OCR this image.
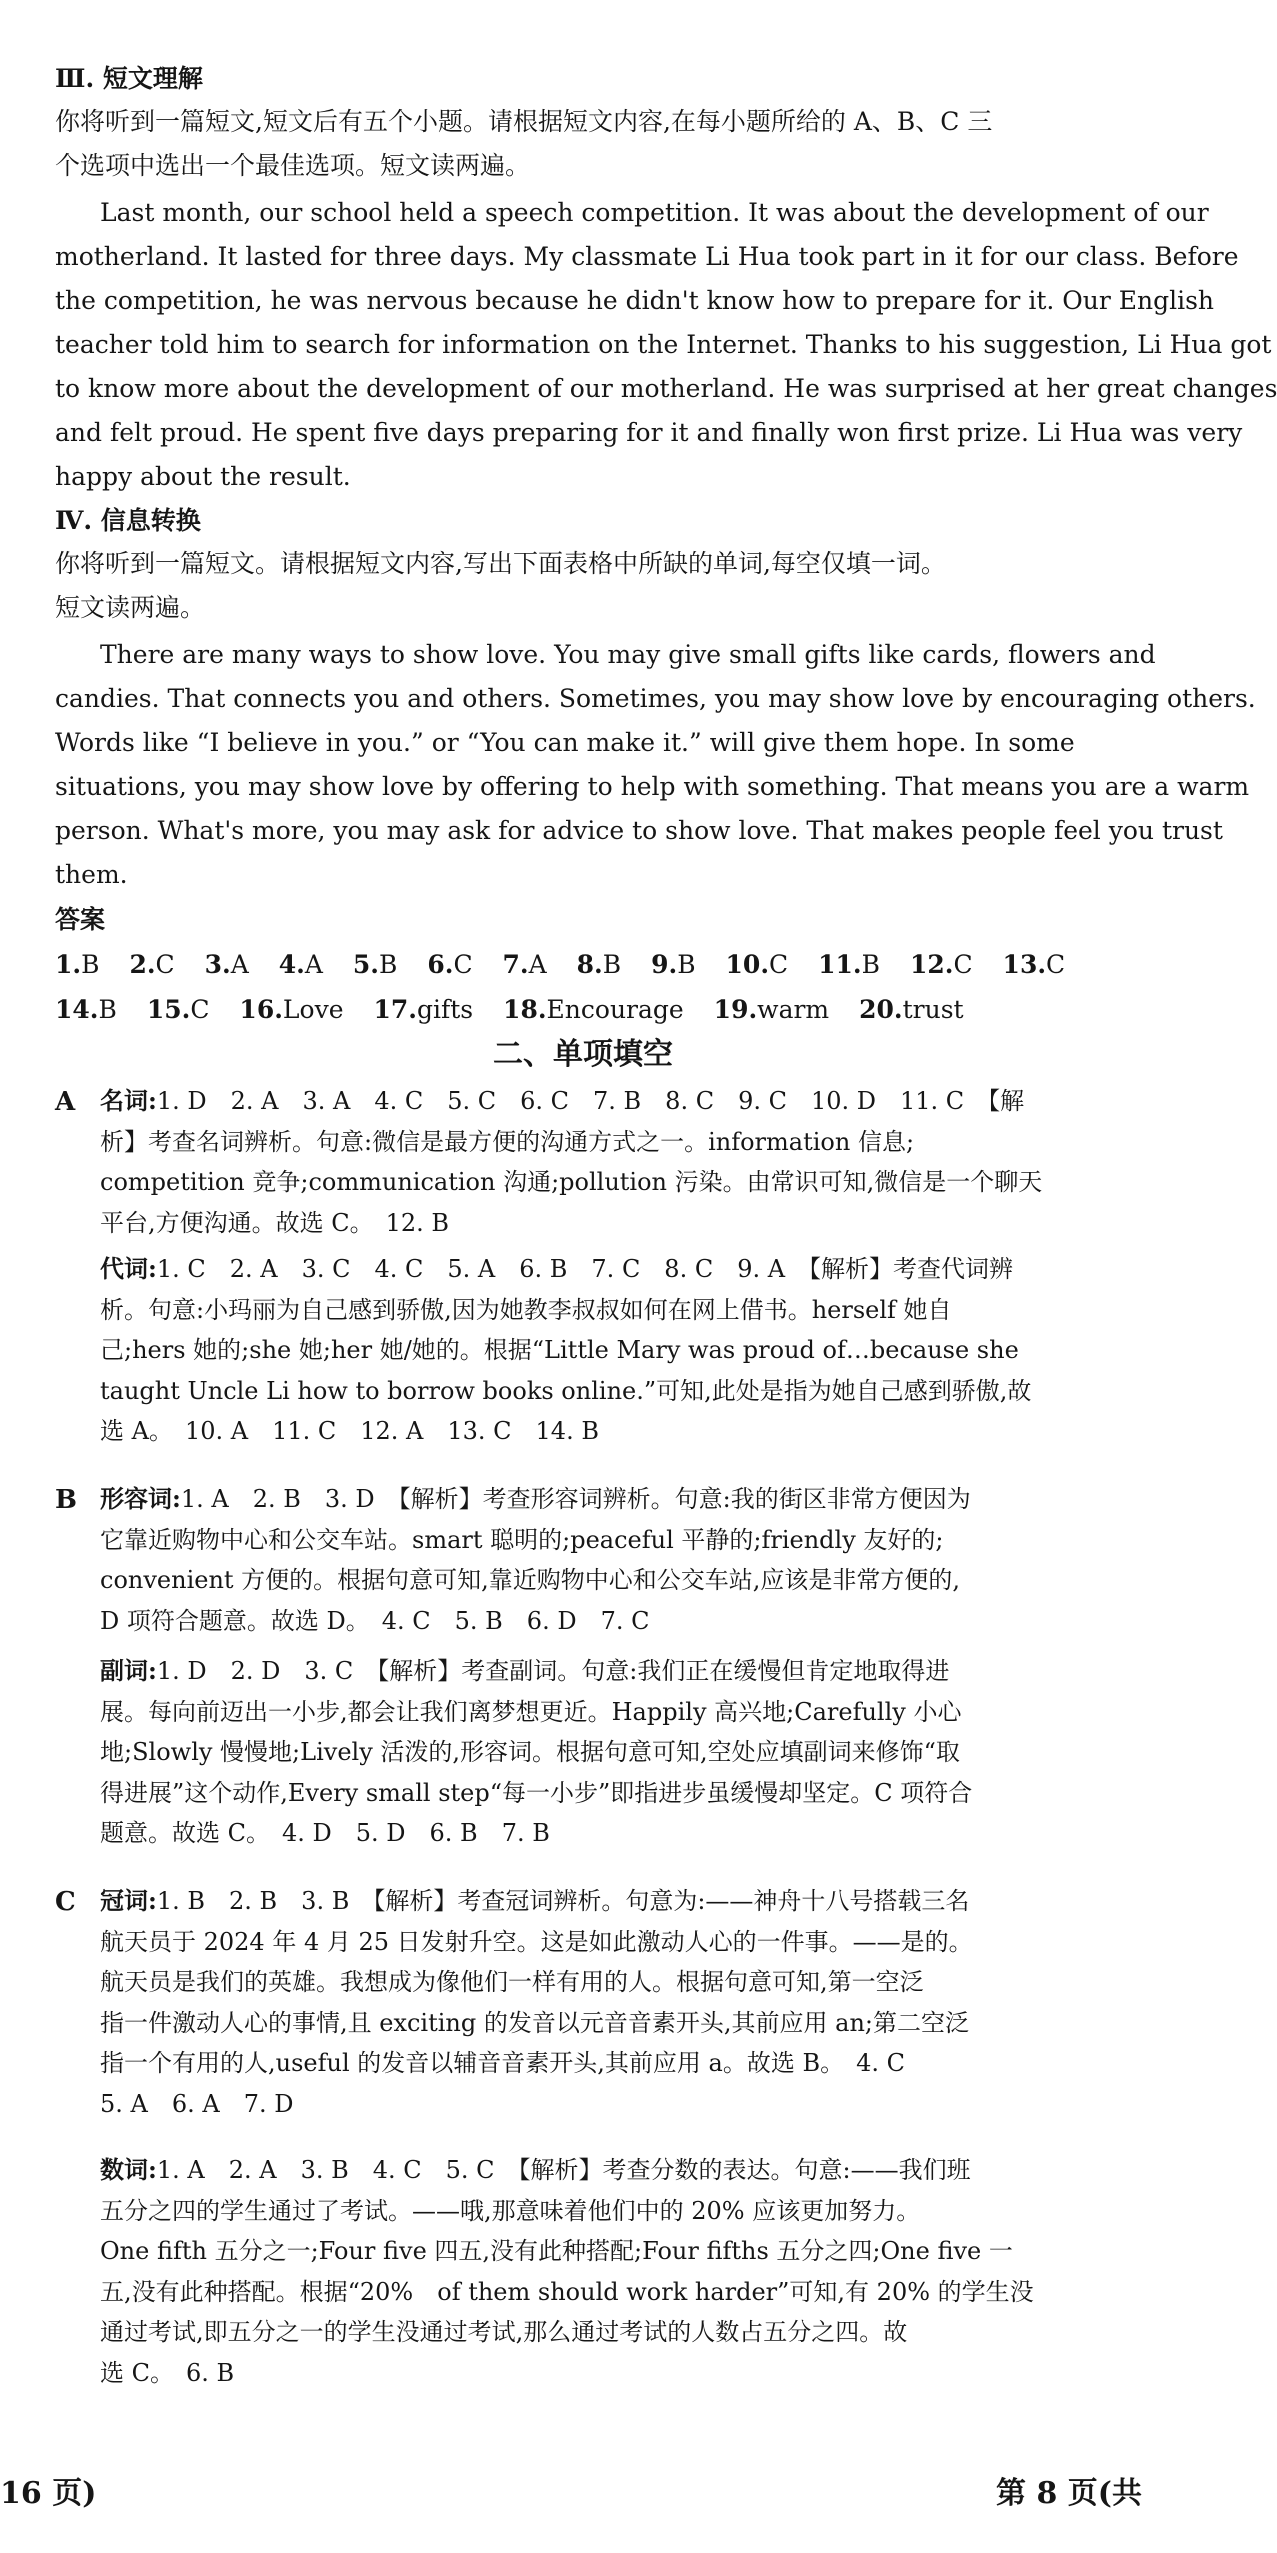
Ⅲ. 短文理解
你将听到一篇短文,短文后有五个小题。请根据短文内容,在每小题所给的 A、B、C 三
个选项中选出一个最佳选项。短文读两遍。
Last month, our school held a speech competition. It was about the development of our
motherland. It lasted for three days. My classmate Li Hua took part in it for our class. Before
the competition, he was nervous because he didn't know how to prepare for it. Our English
teacher told him to search for information on the Internet. Thanks to his suggestion, Li Hua got
to know more about the development of our motherland. He was surprised at her great changes
and felt proud. He spent five days preparing for it and finally won first prize. Li Hua was very
happy about the result.
Ⅳ. 信息转换
你将听到一篇短文。请根据短文内容,写出下面表格中所缺的单词,每空仅填一词。
短文读两遍。
There are many ways to show love. You may give small gifts like cards, flowers and
candies. That connects you and others. Sometimes, you may show love by encouraging others.
Words like “I believe in you.” or “You can make it.” will give them hope. In some
situations, you may show love by offering to help with something. That means you are a warm
person. What's more, you may ask for advice to show love. That makes people feel you trust
them.
答案
1.B 2.C 3.A 4.A 5.B 6.C 7.A 8.B 9.B 10.C 11.B 12.C 13.C
14.B 15.C 16.Love 17.gifts 18.Encourage 19.warm 20.trust
二、单项填空
A 名词:1. D　2. A　3. A　4. C　5. C　6. C　7. B　8. C　9. C　10. D　11. C　【解
析】考查名词辨析。句意:微信是最方便的沟通方式之一。information 信息;
competition 竞争;communication 沟通;pollution 污染。由常识可知,微信是一个聊天
平台,方便沟通。故选 C。　12. B
代词:1. C　2. A　3. C　4. C　5. A　6. B　7. C　8. C　9. A　【解析】考查代词辨
析。句意:小玛丽为自己感到骄傲,因为她教李叔叔如何在网上借书。herself 她自
己;hers 她的;she 她;her 她/她的。根据“Little Mary was proud of…because she
taught Uncle Li how to borrow books online.”可知,此处是指为她自己感到骄傲,故
选 A。　10. A　11. C　12. A　13. C　14. B
B 形容词:1. A　2. B　3. D　【解析】考查形容词辨析。句意:我的街区非常方便因为
它靠近购物中心和公交车站。smart 聪明的;peaceful 平静的;friendly 友好的;
convenient 方便的。根据句意可知,靠近购物中心和公交车站,应该是非常方便的,
D 项符合题意。故选 D。　4. C　5. B　6. D　7. C
副词:1. D　2. D　3. C　【解析】考查副词。句意:我们正在缓慢但肯定地取得进
展。每向前迈出一小步,都会让我们离梦想更近。Happily 高兴地;Carefully 小心
地;Slowly 慢慢地;Lively 活泼的,形容词。根据句意可知,空处应填副词来修饰“取
得进展”这个动作,Every small step“每一小步”即指进步虽缓慢却坚定。C 项符合
题意。故选 C。　4. D　5. D　6. B　7. B
C 冠词:1. B　2. B　3. B　【解析】考查冠词辨析。句意为:——神舟十八号搭载三名
航天员于 2024 年 4 月 25 日发射升空。这是如此激动人心的一件事。——是的。
航天员是我们的英雄。我想成为像他们一样有用的人。根据句意可知,第一空泛
指一件激动人心的事情,且 exciting 的发音以元音音素开头,其前应用 an;第二空泛
指一个有用的人,useful 的发音以辅音音素开头,其前应用 a。故选 B。　4. C
5. A　6. A　7. D
数词:1. A　2. A　3. B　4. C　5. C　【解析】考查分数的表达。句意:——我们班
五分之四的学生通过了考试。——哦,那意味着他们中的 20% 应该更加努力。
One fifth 五分之一;Four five 四五,没有此种搭配;Four fifths 五分之四;One five 一
五,没有此种搭配。根据“20%　of them should work harder”可知,有 20% 的学生没
通过考试,即五分之一的学生没通过考试,那么通过考试的人数占五分之四。故
选 C。　6. B
16 页)	第 8 页(共
